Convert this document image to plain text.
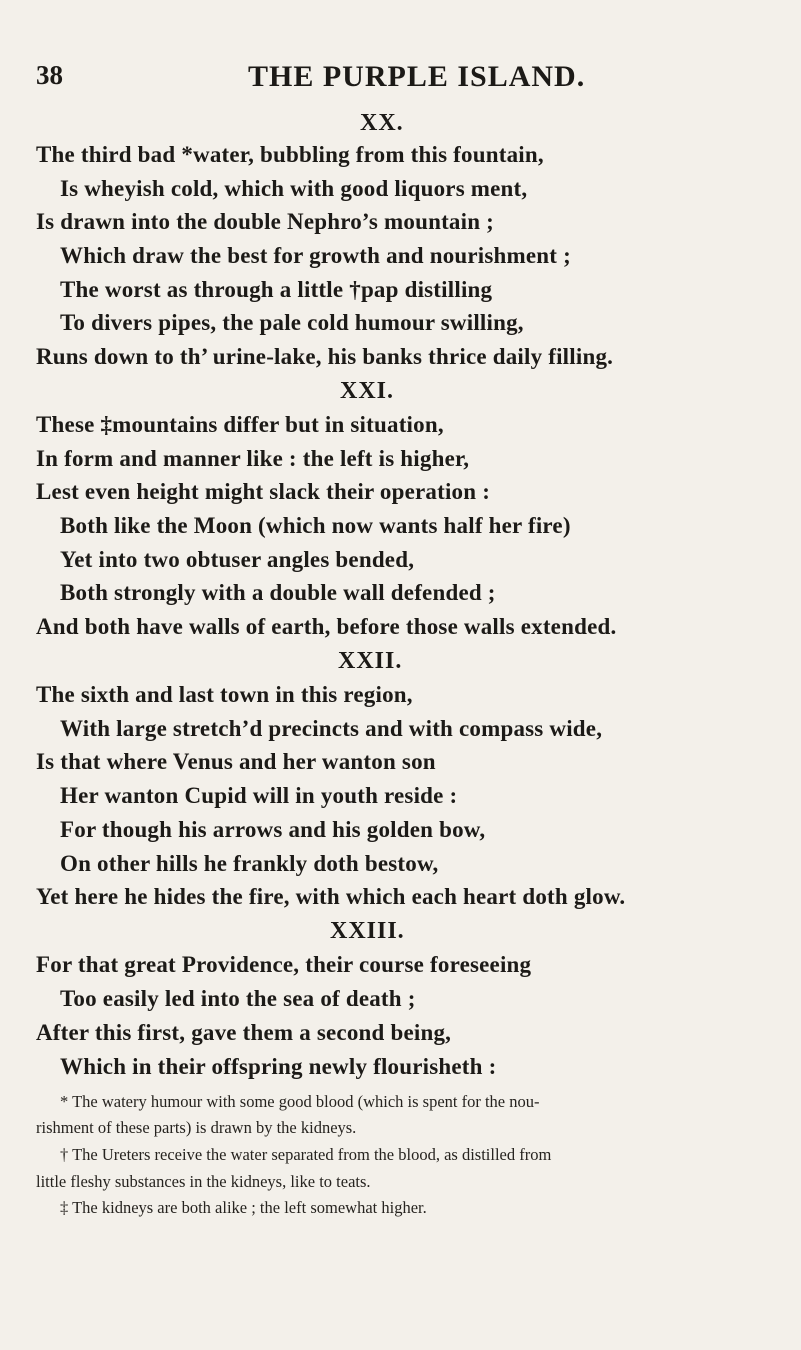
38	THE PURPLE ISLAND.
XX.
The third bad *water, bubbling from this fountain,
Is wheyish cold, which with good liquors ment,
Is drawn into the double Nephro’s mountain ;
Which draw the best for growth and nourishment ;
The worst as through a little †pap distilling
To divers pipes, the pale cold humour swilling,
Runs down to th’ urine-lake, his banks thrice daily filling.
XXI.
These ‡mountains differ but in situation,
In form and manner like : the left is higher,
Lest even height might slack their operation :
Both like the Moon (which now wants half her fire)
Yet into two obtuser angles bended,
Both strongly with a double wall defended ;
And both have walls of earth, before those walls extended.
XXII.
The sixth and last town in this region,
With large stretch’d precincts and with compass wide,
Is that where Venus and her wanton son
Her wanton Cupid will in youth reside :
For though his arrows and his golden bow,
On other hills he frankly doth bestow,
Yet here he hides the fire, with which each heart doth glow.
XXIII.
For that great Providence, their course foreseeing
Too easily led into the sea of death ;
After this first, gave them a second being,
Which in their offspring newly flourisheth :
* The watery humour with some good blood (which is spent for the nou-
rishment of these parts) is drawn by the kidneys.
† The Ureters receive the water separated from the blood, as distilled from
little fleshy substances in the kidneys, like to teats.
‡ The kidneys are both alike ; the left somewhat higher.
